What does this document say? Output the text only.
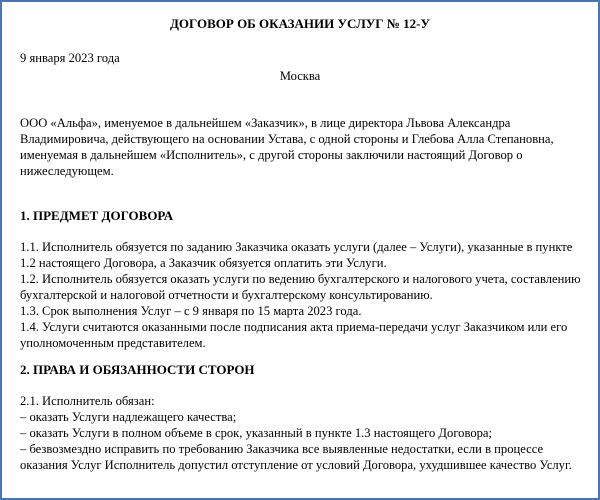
ДОГОВОР ОБ ОКАЗАНИИ УСЛУГ № 12-У

9 января 2023 года

Москва

ООО «Альфа», именуемое в дальнейшем «Заказчик», в лице директора Львова Александра Владимировича, действующего на основании Устава, с одной стороны и Глебова Алла Степановна, именуемая в дальнейшем «Исполнитель», с другой стороны заключили настоящий Договор о нижеследующем.

1. ПРЕДМЕТ ДОГОВОРА

1.1. Исполнитель обязуется по заданию Заказчика оказать услуги (далее – Услуги), указанные в пункте 1.2 настоящего Договора, а Заказчик обязуется оплатить эти Услуги.

1.2. Исполнитель обязуется оказать услуги по ведению бухгалтерского и налогового учета, составлению бухгалтерской и налоговой отчетности и бухгалтерскому консультированию.

1.3. Срок выполнения Услуг – с 9 января по 15 марта 2023 года.

1.4. Услуги считаются оказанными после подписания акта приема-передачи услуг Заказчиком или его уполномоченным представителем.

2. ПРАВА И ОБЯЗАННОСТИ СТОРОН

2.1. Исполнитель обязан:

– оказать Услуги надлежащего качества;

– оказать Услуги в полном объеме в срок, указанный в пункте 1.3 настоящего Договора;

– безвозмездно исправить по требованию Заказчика все выявленные недостатки, если в процессе оказания Услуг Исполнитель допустил отступление от условий Договора, ухудшившее качество Услуг.
